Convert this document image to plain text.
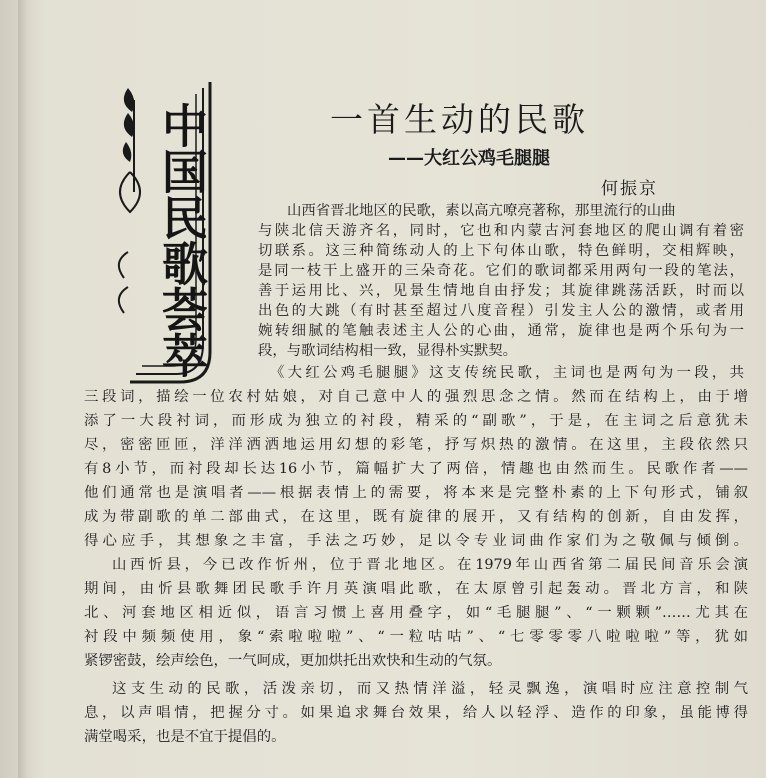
中国民歌荟萃	一首生动的民歌
——大红公鸡毛腿腿
何振京
山西省晋北地区的民歌，素以高亢嘹亮著称，那里流行的山曲
与陕北信天游齐名，同时，它也和内蒙古河套地区的爬山调有着密
切联系。这三种简练动人的上下句体山歌，特色鲜明，交相辉映，
是同一枝干上盛开的三朵奇花。它们的歌词都采用两句一段的笔法，
善于运用比、兴，见景生情地自由抒发；其旋律跳荡活跃，时而以
出色的大跳（有时甚至超过八度音程）引发主人公的激情，或者用
婉转细腻的笔触表述主人公的心曲，通常，旋律也是两个乐句为一
段，与歌词结构相一致，显得朴实默契。
《大红公鸡毛腿腿》这支传统民歌，主词也是两句为一段，共
三段词，描绘一位农村姑娘，对自己意中人的强烈思念之情。然而在结构上，由于增
添了一大段衬词，而形成为独立的衬段，精采的“副歌”，于是，在主词之后意犹未
尽，密密匝匝，洋洋洒洒地运用幻想的彩笔，抒写炽热的激情。在这里，主段依然只
有8小节，而衬段却长达16小节，篇幅扩大了两倍，情趣也由然而生。民歌作者——
他们通常也是演唱者——根据表情上的需要，将本来是完整朴素的上下句形式，铺叙
成为带副歌的单二部曲式，在这里，既有旋律的展开，又有结构的创新，自由发挥，
得心应手，其想象之丰富，手法之巧妙，足以令专业词曲作家们为之敬佩与倾倒。
山西忻县，今已改作忻州，位于晋北地区。在1979年山西省第二届民间音乐会演
期间，由忻县歌舞团民歌手许月英演唱此歌，在太原曾引起轰动。晋北方言，和陕
北、河套地区相近似，语言习惯上喜用叠字，如“毛腿腿”、“一颗颗”……尤其在
衬段中频频使用，象“索啦啦啦”、“一粒咕咕”、“七零零零八啦啦啦”等，犹如
紧锣密鼓，绘声绘色，一气呵成，更加烘托出欢快和生动的气氛。
这支生动的民歌，活泼亲切，而又热情洋溢，轻灵飘逸，演唱时应注意控制气
息，以声唱情，把握分寸。如果追求舞台效果，给人以轻浮、造作的印象，虽能博得
满堂喝采，也是不宜于提倡的。
